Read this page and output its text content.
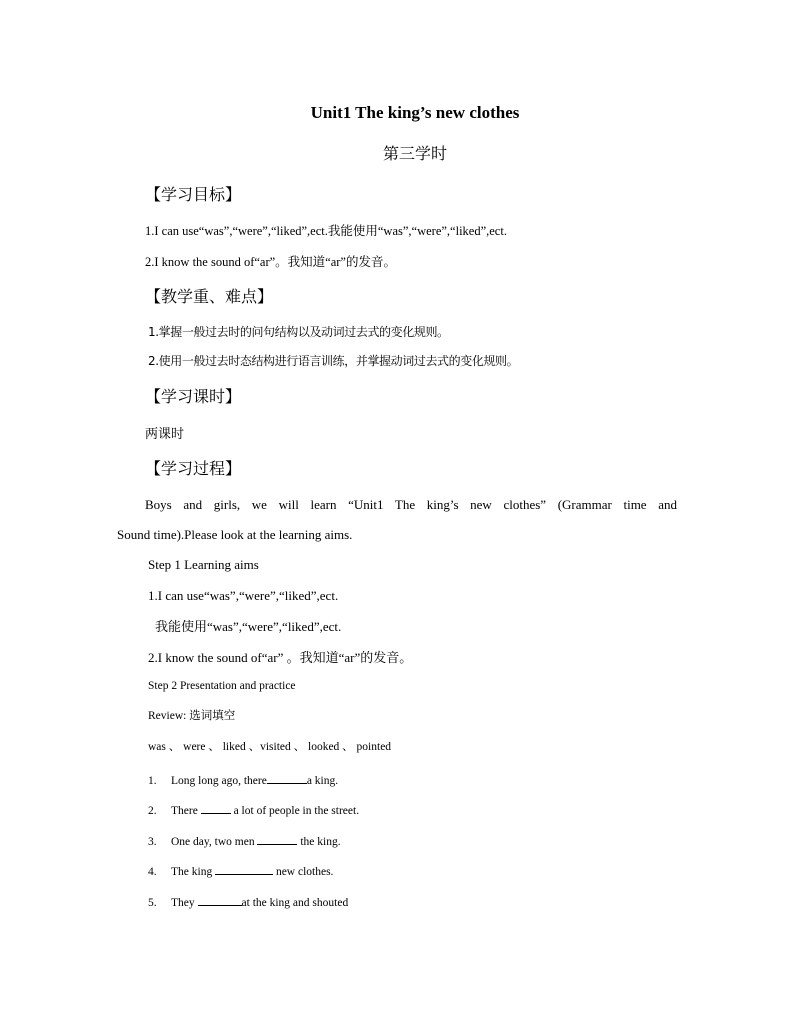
Unit1 The king’s new clothes
第三学时
【学习目标】
1.I can use“was”,“were”,“liked”,ect.我能使用“was”,“were”,“liked”,ect.
2.I know the sound of“ar”。我知道“ar”的发音。
【教学重、难点】
1.掌握一般过去时的问句结构以及动词过去式的变化规则。
2.使用一般过去时态结构进行语言训练，并掌握动词过去式的变化规则。
【学习课时】
两课时
【学习过程】
Boys and girls, we will learn “Unit1 The king’s new clothes” (Grammar time and
Sound time).Please look at the learning aims.
Step 1 Learning aims
1.I can use“was”,“were”,“liked”,ect.
我能使用“was”,“were”,“liked”,ect.
2.I know the sound of“ar” 。我知道“ar”的发音。
Step 2 Presentation and practice
Review: 选词填空
was 、 were 、 liked 、visited 、 looked 、 pointed
1. Long long ago, there	a king.
2. There	a lot of people in the street.
3. One day, two men	the king.
4. The king	new clothes.
5. They	at the king and shouted
